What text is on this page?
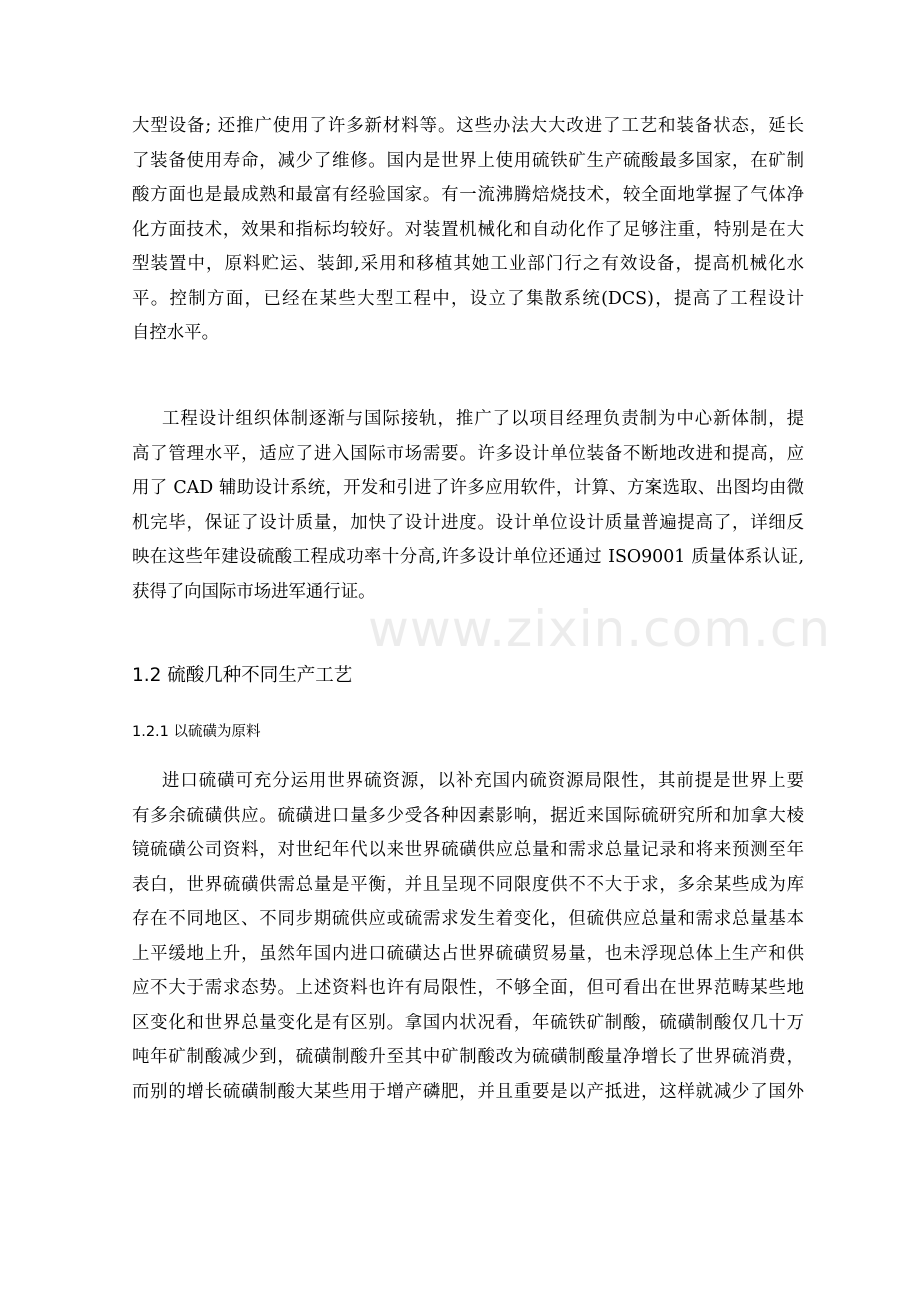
www.zixin.com.cn
大型设备; 还推广使用了许多新材料等。这些办法大大改进了工艺和装备状态，延长
了装备使用寿命，减少了维修。国内是世界上使用硫铁矿生产硫酸最多国家，在矿制
酸方面也是最成熟和最富有经验国家。有一流沸腾焙烧技术，较全面地掌握了气体净
化方面技术，效果和指标均较好。对装置机械化和自动化作了足够注重，特别是在大
型装置中，原料贮运、装卸,采用和移植其她工业部门行之有效设备，提高机械化水
平。控制方面，已经在某些大型工程中，设立了集散系统(DCS)，提高了工程设计
自控水平。
工程设计组织体制逐渐与国际接轨，推广了以项目经理负责制为中心新体制，提
高了管理水平，适应了进入国际市场需要。许多设计单位装备不断地改进和提高，应
用了 CAD 辅助设计系统，开发和引进了许多应用软件，计算、方案选取、出图均由微
机完毕，保证了设计质量，加快了设计进度。设计单位设计质量普遍提高了，详细反
映在这些年建设硫酸工程成功率十分高,许多设计单位还通过 ISO9001 质量体系认证,
获得了向国际市场进军通行证。
1.2 硫酸几种不同生产工艺
1.2.1 以硫磺为原料
进口硫磺可充分运用世界硫资源，以补充国内硫资源局限性，其前提是世界上要
有多余硫磺供应。硫磺进口量多少受各种因素影响，据近来国际硫研究所和加拿大棱
镜硫磺公司资料，对世纪年代以来世界硫磺供应总量和需求总量记录和将来预测至年
表白，世界硫磺供需总量是平衡，并且呈现不同限度供不不大于求，多余某些成为库
存在不同地区、不同步期硫供应或硫需求发生着变化，但硫供应总量和需求总量基本
上平缓地上升，虽然年国内进口硫磺达占世界硫磺贸易量，也未浮现总体上生产和供
应不大于需求态势。上述资料也许有局限性，不够全面，但可看出在世界范畴某些地
区变化和世界总量变化是有区别。拿国内状况看，年硫铁矿制酸，硫磺制酸仅几十万
吨年矿制酸减少到，硫磺制酸升至其中矿制酸改为硫磺制酸量净增长了世界硫消费，
而别的增长硫磺制酸大某些用于增产磷肥，并且重要是以产抵进，这样就减少了国外
